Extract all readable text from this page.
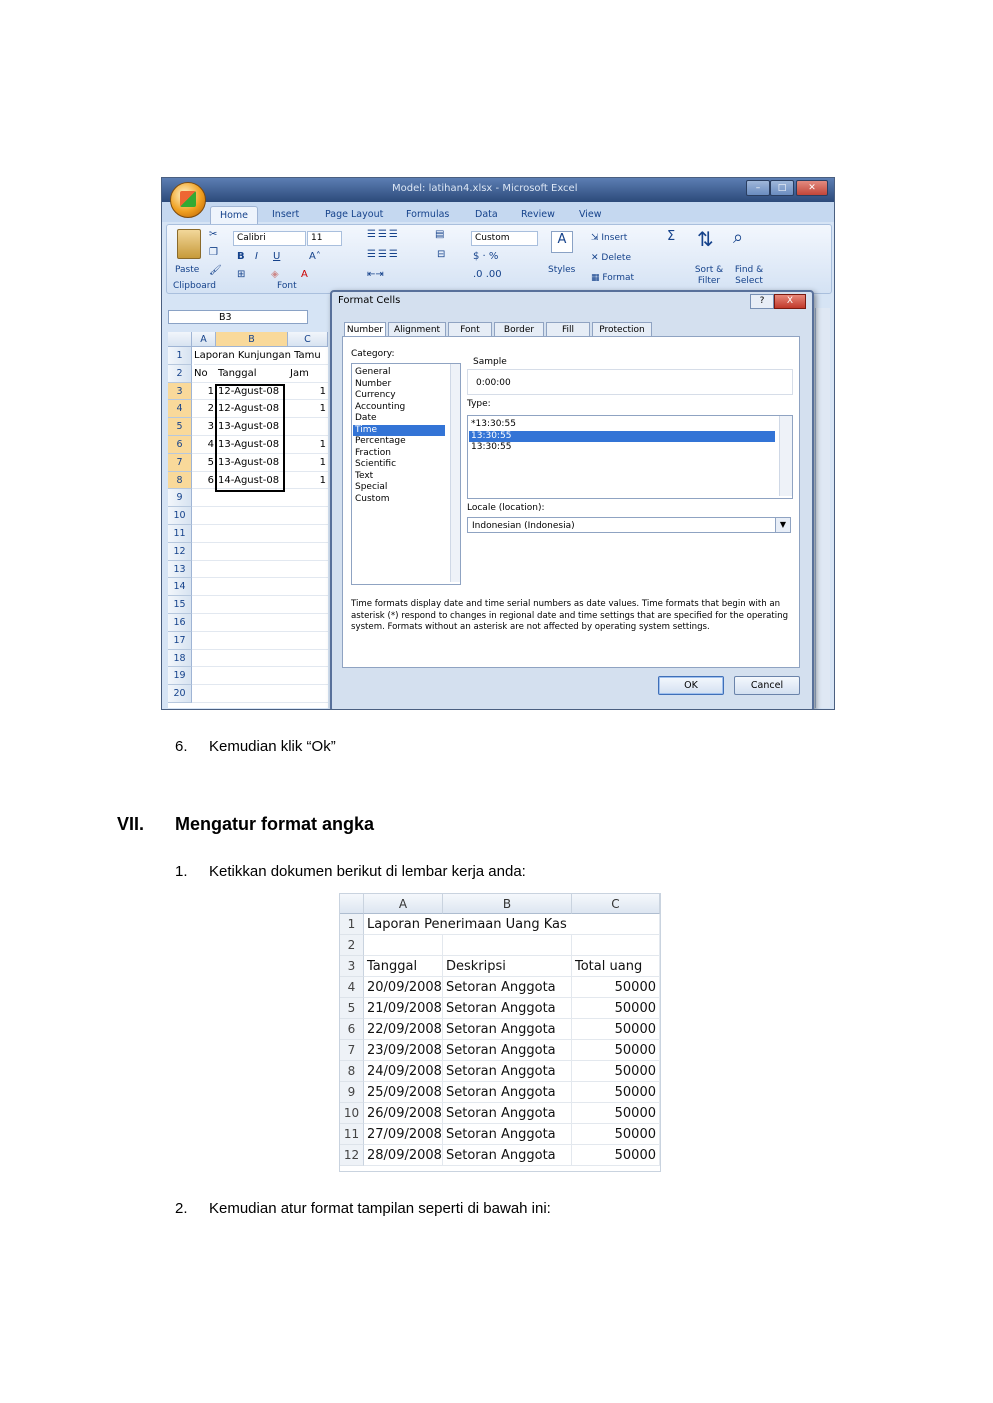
Model: latihan4.xlsx - Microsoft Excel	–	□	✕
Home	Insert	Page Layout Formulas	Data Review	View
Paste
✂
❐
🖌
Clipboard
Calibri	11
B I U	A˄
⊞	◈ A
Font
☰☰☰
☰☰☰
⇤⇥
▤
⊟
Custom
$ · %
.0 .00
A
Styles
⇲ Insert
✕ Delete
▦ Format
Σ ⇅ ⌕
Sort & Filter
Find & Select
B3
A	B	C
1	Laporan Kunjungan Tamu
2	No	Tanggal	Jam
3	1 12-Agust-08	1
4	2 12-Agust-08	1
5	3 13-Agust-08
6	4 13-Agust-08	1
7	5 13-Agust-08	1
8	6 14-Agust-08	1
9
10
11
12
13
14
15
16
17
18
19
20
Format Cells	?	X
Number	Alignment	Font	Border	Fill	Protection
Category:
General
Number
Currency
Accounting
Date
Time
Percentage
Fraction
Scientific
Text
Special
Custom
Sample
0:00:00
Type:
*13:30:55
13:30:55
13:30:55
Locale (location):
Indonesian (Indonesia)	▼
Time formats display date and time serial numbers as date values. Time formats that begin with an asterisk (*) respond to changes in regional date and time settings that are specified for the operating system. Formats without an asterisk are not affected by operating system settings.
OK	Cancel
6. Kemudian klik “Ok”
VII. Mengatur format angka
1. Ketikkan dokumen berikut di lembar kerja anda:
A	B	C
1 Laporan Penerimaan Uang Kas
2
3 Tanggal	Deskripsi	Total uang
4 20/09/2008 Setoran Anggota	50000
5 21/09/2008 Setoran Anggota	50000
6 22/09/2008 Setoran Anggota	50000
7 23/09/2008 Setoran Anggota	50000
8 24/09/2008 Setoran Anggota	50000
9 25/09/2008 Setoran Anggota	50000
10 26/09/2008 Setoran Anggota	50000
11 27/09/2008 Setoran Anggota	50000
12 28/09/2008 Setoran Anggota	50000
2. Kemudian atur format tampilan seperti di bawah ini:
